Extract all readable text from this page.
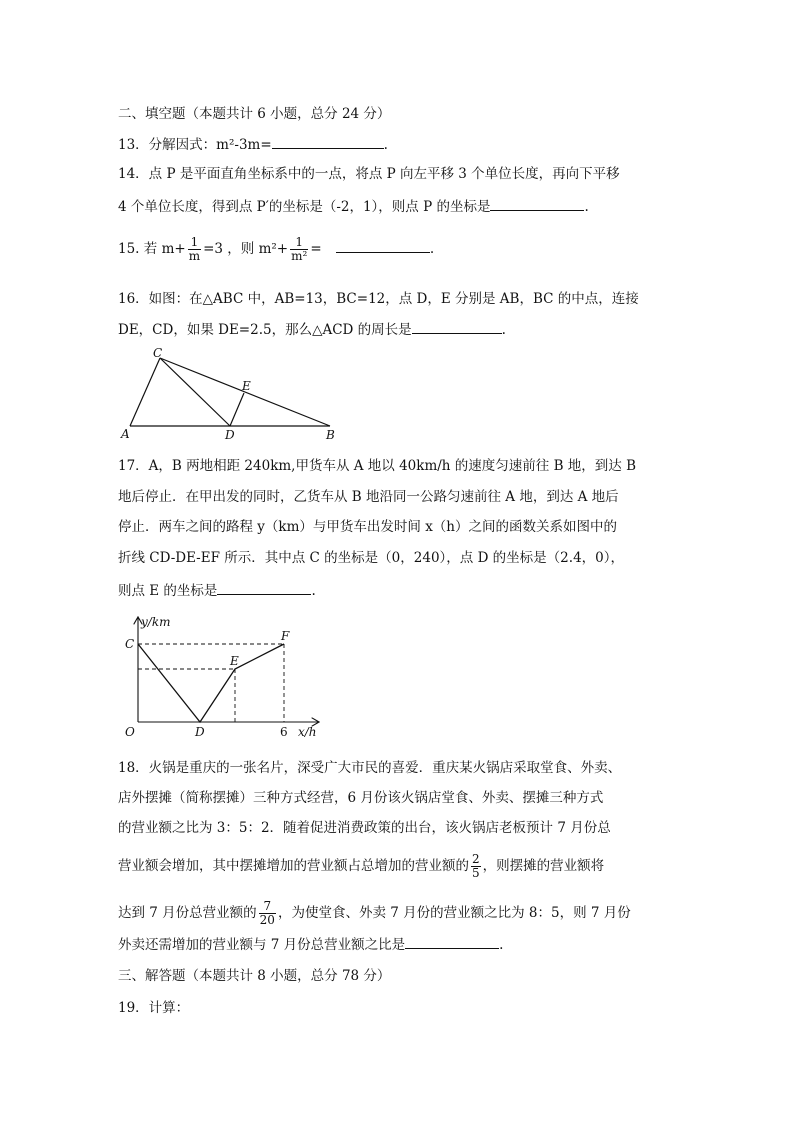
二、填空题（本题共计 6 小题，总分 24 分）
13．分解因式：m²-3m=	.
14．点 P 是平面直角坐标系中的一点，将点 P 向左平移 3 个单位长度，再向下平移
4 个单位长度，得到点 P′的坐标是（-2，1），则点 P 的坐标是	.
15. 若 $m+ \frac{1}{m} =3$ ，则 $m^2+ \frac{1}{\text{m²}}$ =	.
16．如图：在△ABC 中，AB=13，BC=12，点 D，E 分别是 AB，BC 的中点，连接
DE，CD，如果 DE=2.5，那么△ACD 的周长是	.
C
A	D	B
E
17．A，B 两地相距 240km,甲货车从 A 地以 40km/h 的速度匀速前往 B 地，到达 B
地后停止．在甲出发的同时，乙货车从 B 地沿同一公路匀速前往 A 地，到达 A 地后
停止．两车之间的路程 y（km）与甲货车出发时间 x（h）之间的函数关系如图中的
折线 CD-DE-EF 所示．其中点 C 的坐标是（0，240），点 D 的坐标是（2.4，0），
则点 E 的坐标是	.
y/km
C
O	D
E
F
6 x/h
18．火锅是重庆的一张名片，深受广大市民的喜爱．重庆某火锅店采取堂食、外卖、
店外摆摊（简称摆摊）三种方式经营，6 月份该火锅店堂食、外卖、摆摊三种方式
的营业额之比为 3：5：2．随着促进消费政策的出台，该火锅店老板预计 7 月份总
营业额会增加，其中摆摊增加的营业额占总增加的营业额的 $\frac{2}{5}$ ，则摆摊的营业额将
达到 7 月份总营业额的 $\frac{7}{20}$ ，为使堂食、外卖 7 月份的营业额之比为 8：5，则 7 月份
外卖还需增加的营业额与 7 月份总营业额之比是	.
三、解答题（本题共计 8 小题，总分 78 分）
19．计算：
